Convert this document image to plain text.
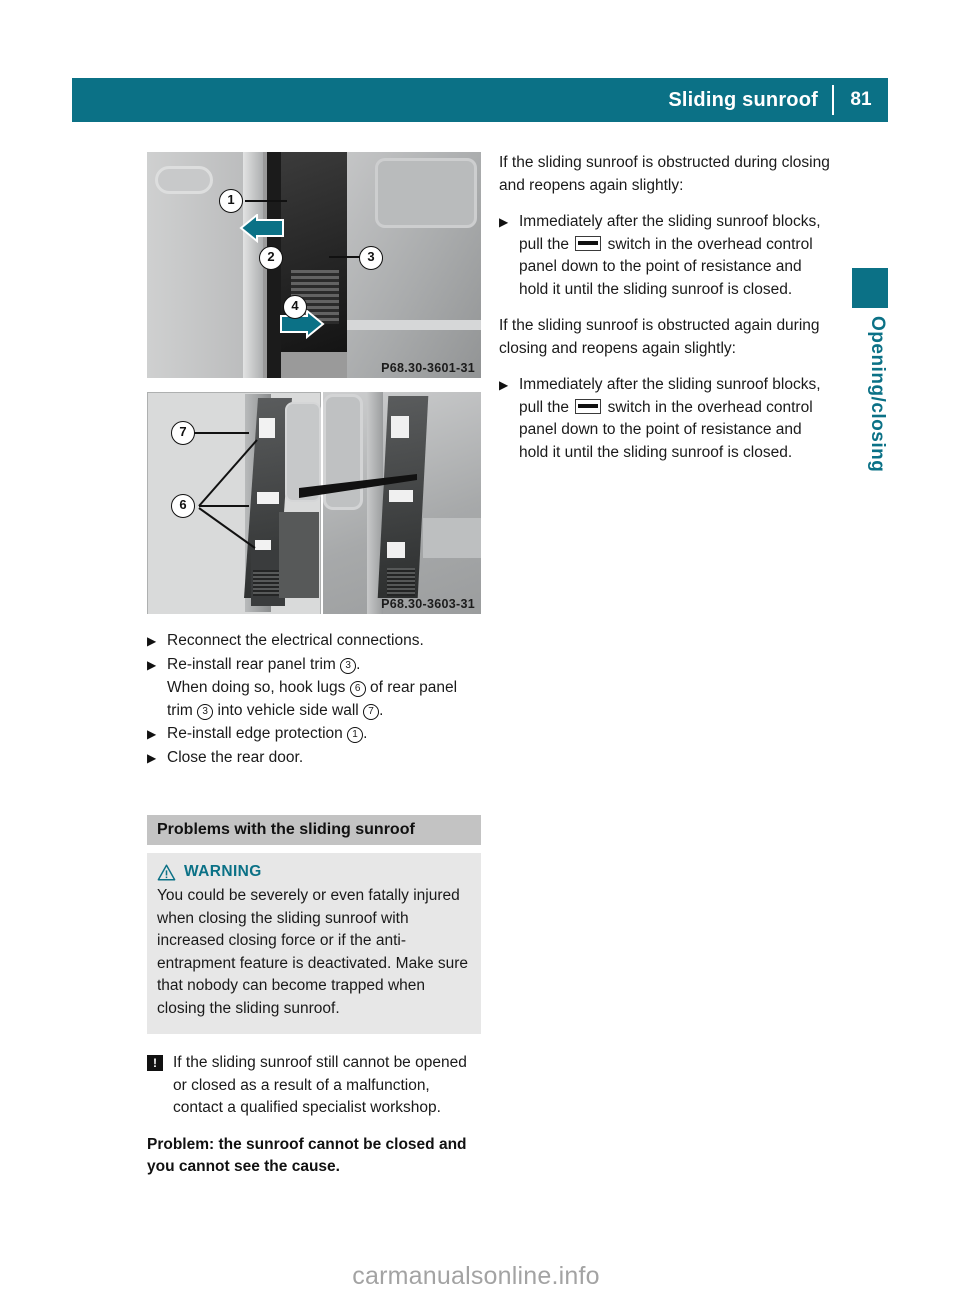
Sliding sunroof	81
Opening/closing
1
2	3
4
P68.30-3601-31
7
6
P68.30-3603-31
▶ Reconnect the electrical connections.
▶ Re-install rear panel trim 3 .
When doing so, hook lugs 6 of rear panel
trim 3 into vehicle side wall 7 .
▶ Re-install edge protection 1 .
▶ Close the rear door.
Problems with the sliding sunroof
WARNING
You could be severely or even fatally injured when closing the sliding sunroof with increased closing force or if the anti-entrapment feature is deactivated. Make sure that nobody can become trapped when closing the sliding sunroof.
!	If the sliding sunroof still cannot be opened or closed as a result of a malfunction, contact a qualified specialist workshop.
Problem: the sunroof cannot be closed and you cannot see the cause.

If the sliding sunroof is obstructed during closing and reopens again slightly:

▶ Immediately after the sliding sunroof blocks, pull the  switch in the overhead control panel down to the point of resistance and hold it until the sliding sunroof is closed.

If the sliding sunroof is obstructed again during closing and reopens again slightly:

▶ Immediately after the sliding sunroof blocks, pull the  switch in the overhead control panel down to the point of resistance and hold it until the sliding sunroof is closed.
carmanualsonline.info
